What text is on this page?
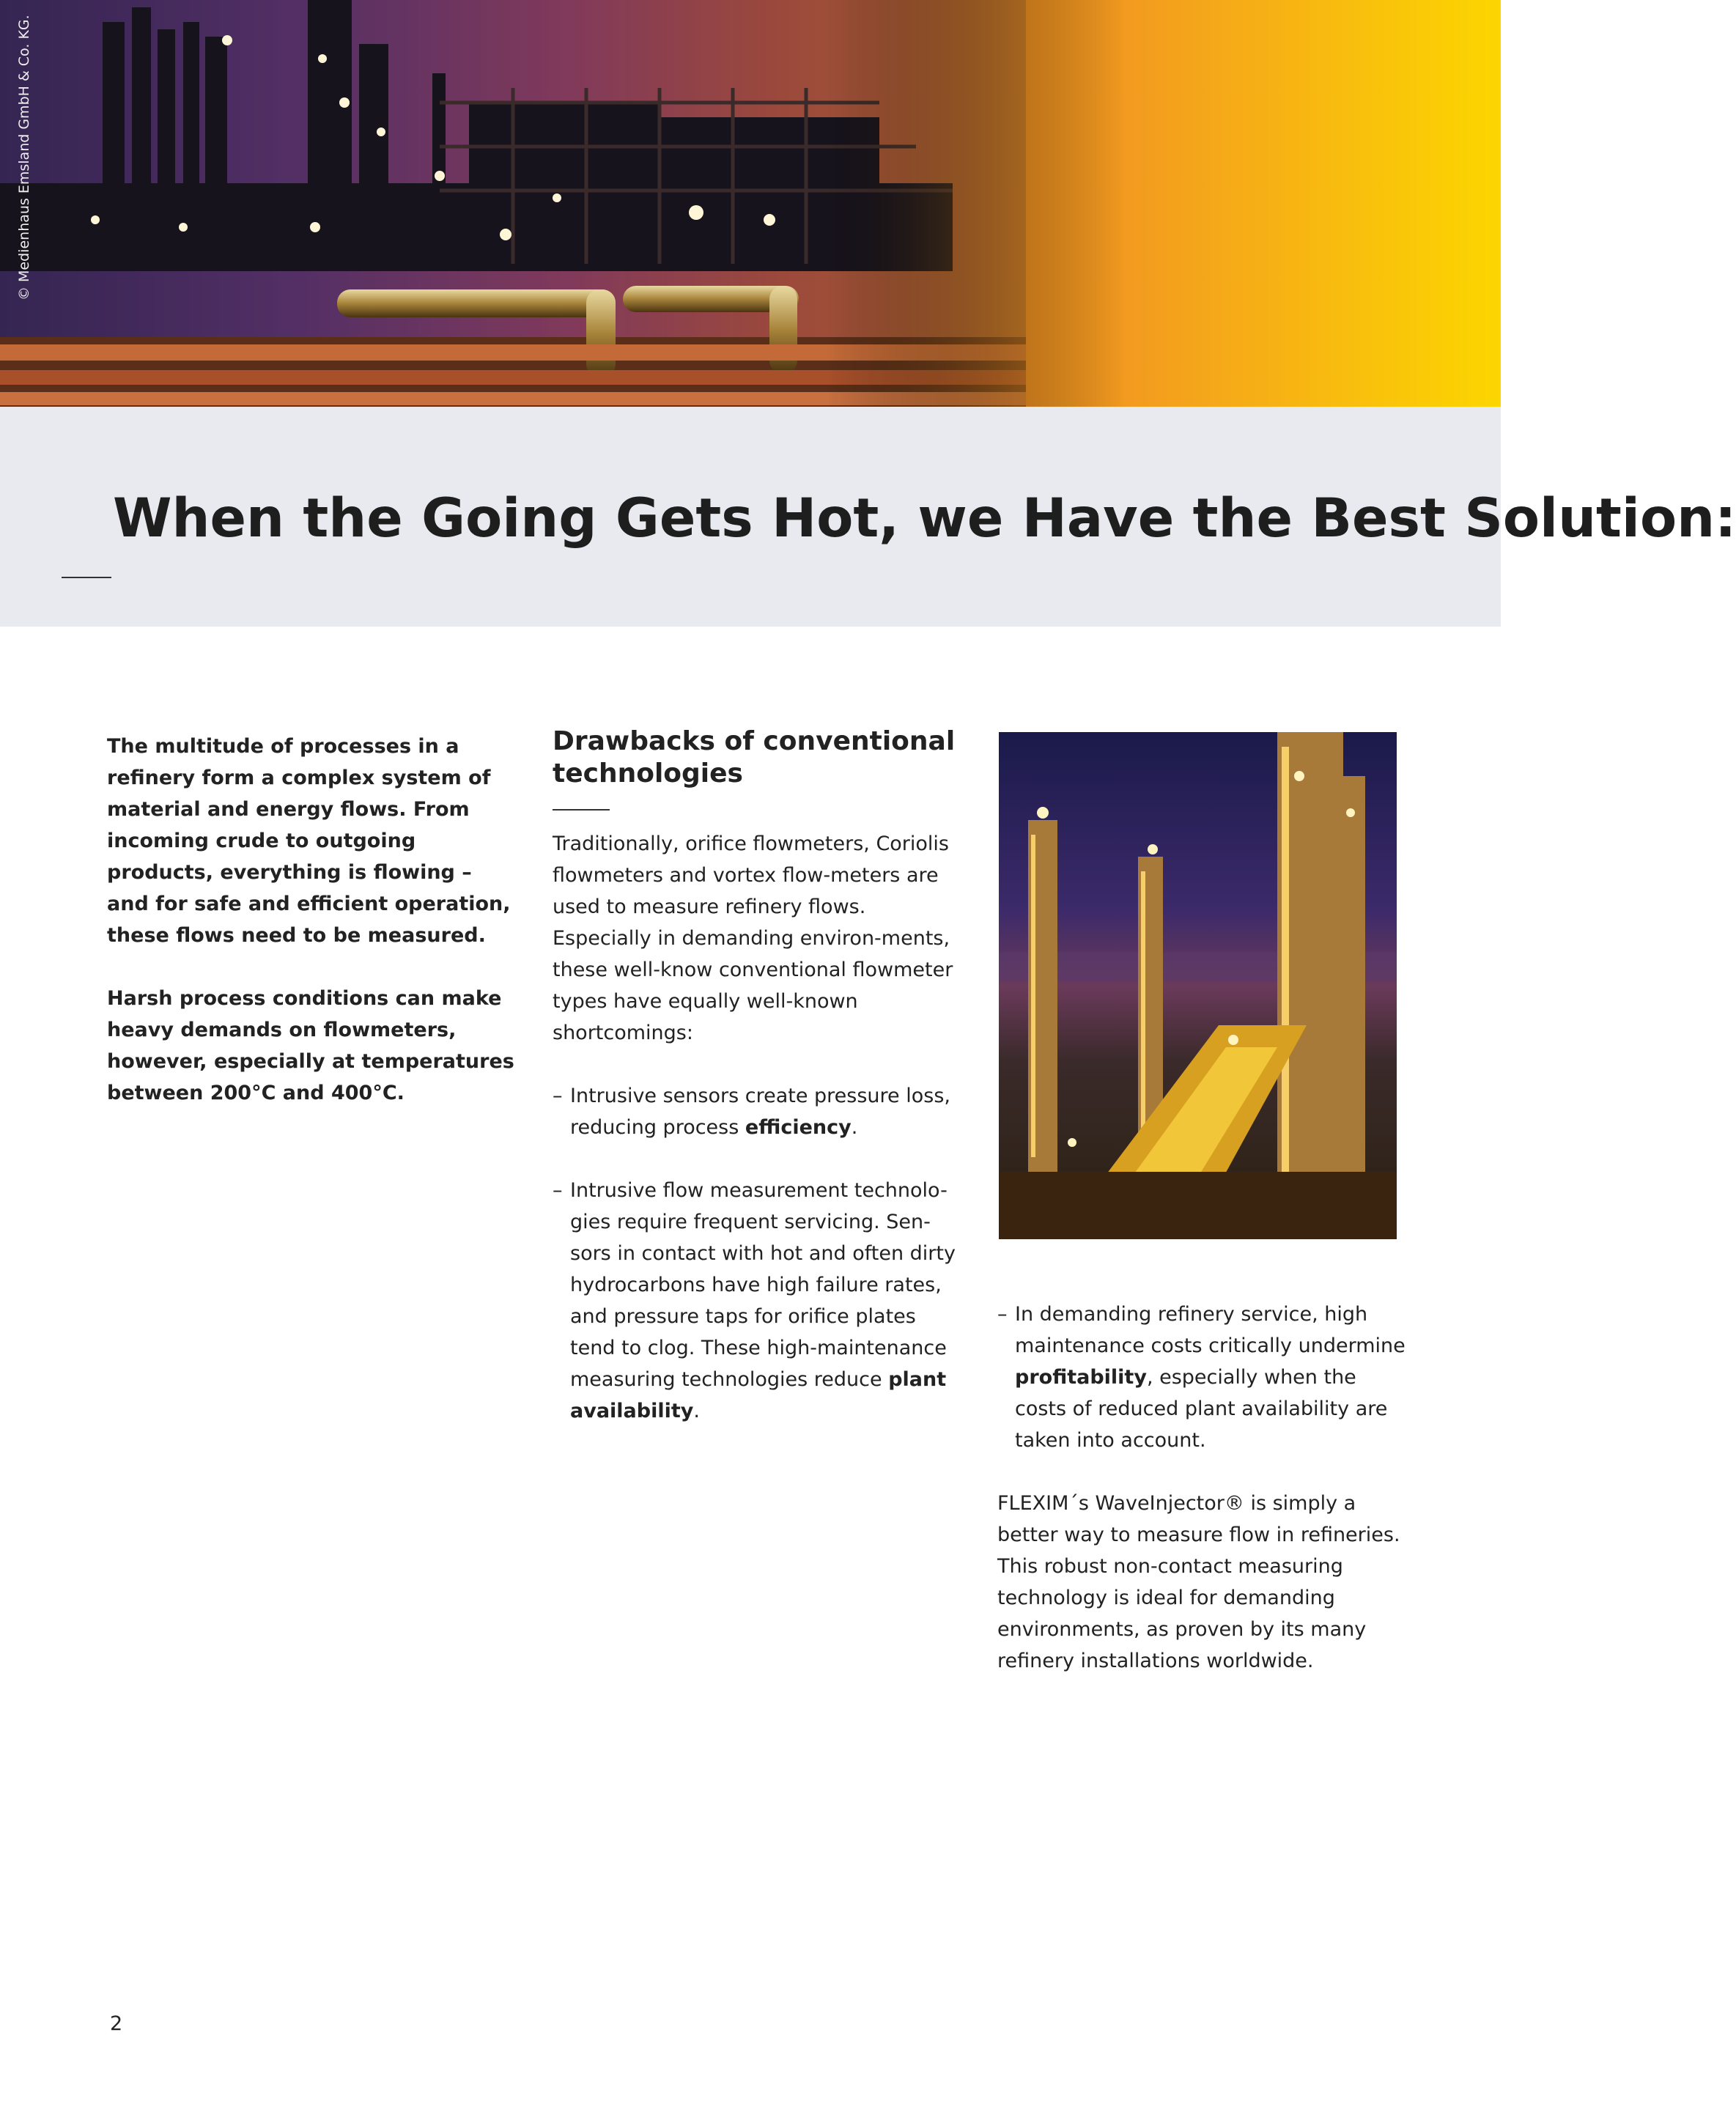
© Medienhaus Emsland GmbH & Co. KG.
When the Going Gets Hot, we Have the Best Solution:

The multitude of processes in a refinery form a complex system of material and energy flows. From incoming crude to outgoing products, everything is flowing – and for safe and efficient operation, these flows need to be measured.

Harsh process conditions can make heavy demands on flowmeters, however, especially at temperatures between 200°C and 400°C.

Drawbacks of conventional technologies

Traditionally, orifice flowmeters, Coriolis flowmeters and vortex flow-meters are used to measure refinery flows. Especially in demanding environ-ments, these well-know conventional flowmeter types have equally well-known shortcomings:

– Intrusive sensors create pressure loss, reducing process efficiency.

– Intrusive flow measurement technolo-gies require frequent servicing. Sen-sors in contact with hot and often dirty hydrocarbons have high failure rates, and pressure taps for orifice plates tend to clog. These high-maintenance measuring technologies reduce plant availability.

– In demanding refinery service, high maintenance costs critically undermine profitability, especially when the costs of reduced plant availability are taken into account.

FLEXIM´s WaveInjector® is simply a better way to measure flow in refineries. This robust non-contact measuring technology is ideal for demanding environments, as proven by its many refinery installations worldwide.

2
